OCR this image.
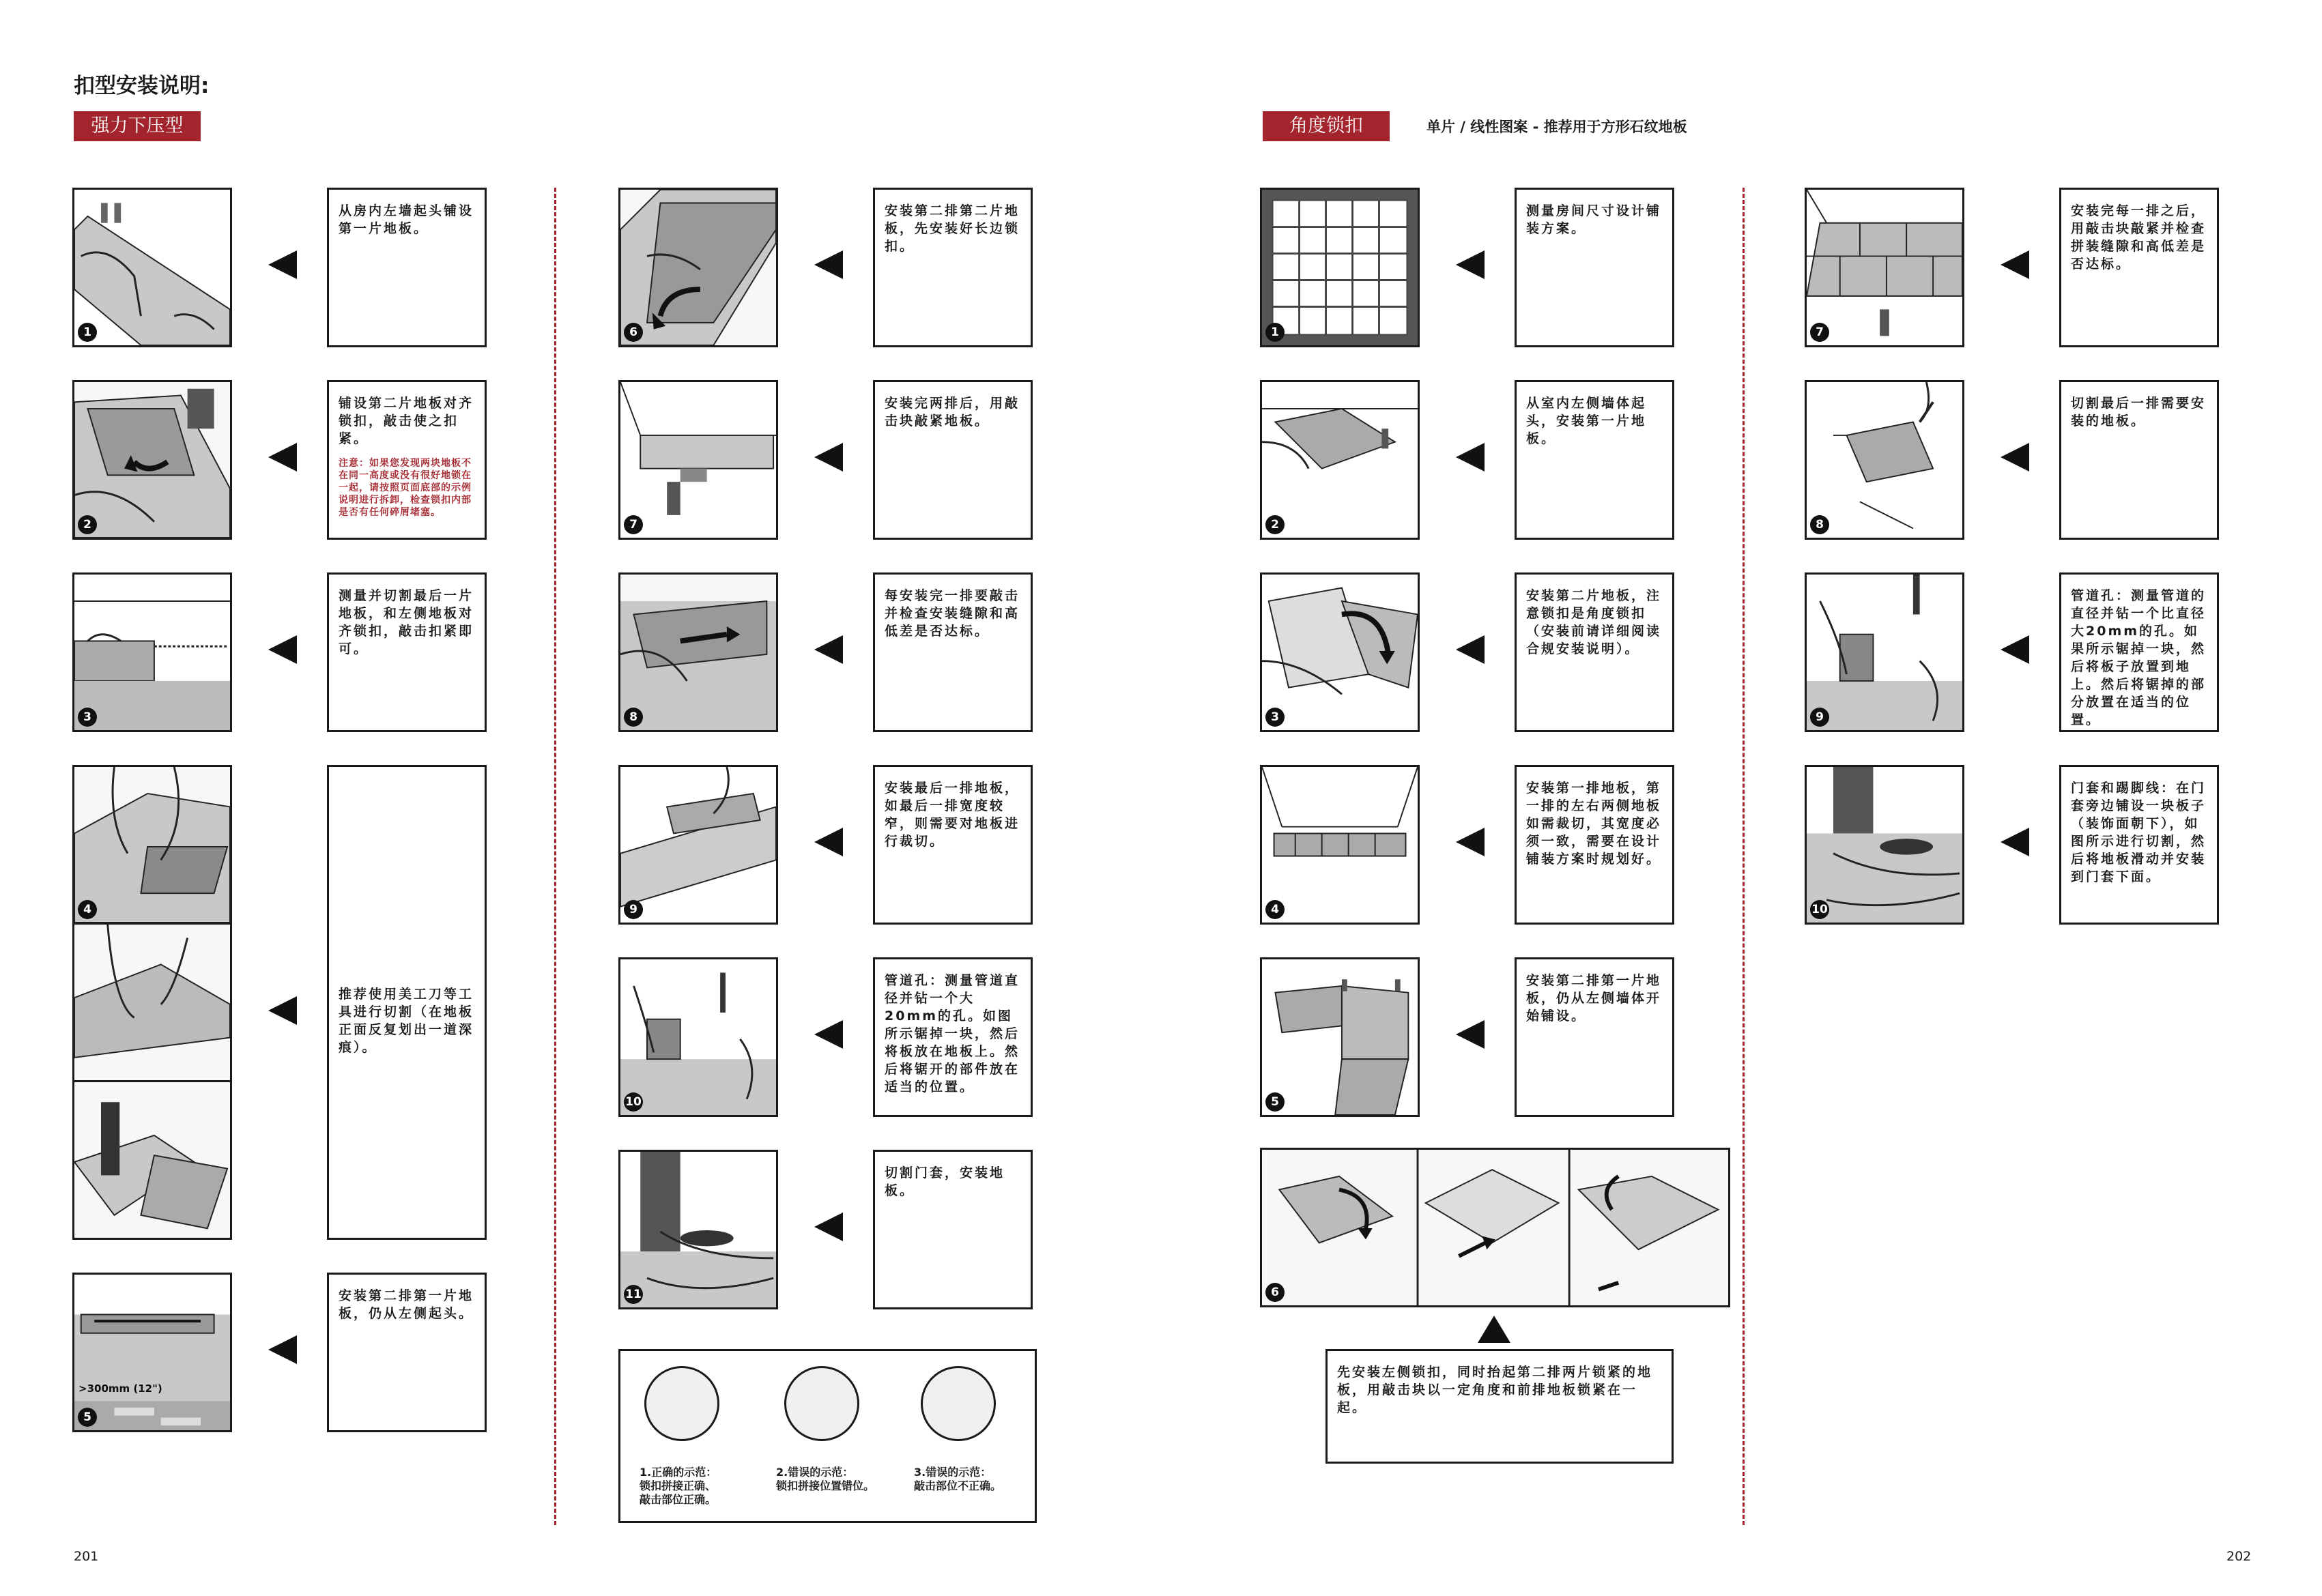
扣型安装说明:
强力下压型	角度锁扣	单片 / 线性图案 - 推荐用于方形石纹地板
1
从房内左墙起头铺设第一片地板。
2
铺设第二片地板对齐锁扣，敲击使之扣紧。
注意：如果您发现两块地板不在同一高度或没有很好地锁在一起，请按照页面底部的示例说明进行拆卸，检查锁扣内部是否有任何碎屑堵塞。
3
测量并切割最后一片地板，和左侧地板对齐锁扣，敲击扣紧即可。
4
推荐使用美工刀等工具进行切割（在地板正面反复划出一道深痕）。
>300mm (12")
5
安装第二排第一片地板，仍从左侧起头。
6
安装第二排第二片地板，先安装好长边锁扣。
7
安装完两排后，用敲击块敲紧地板。
8
每安装完一排要敲击并检查安装缝隙和高低差是否达标。
9
安装最后一排地板，如最后一排宽度较窄，则需要对地板进行裁切。
10
管道孔：测量管道直径并钻一个大20mm的孔。如图所示锯掉一块，然后将板放在地板上。然后将锯开的部件放在适当的位置。
11
切割门套，安装地板。
1.正确的示范：
锁扣拼接正确、
敲击部位正确。
2.错误的示范：
锁扣拼接位置错位。
3.错误的示范：
敲击部位不正确。
1
测量房间尺寸设计铺装方案。
2
从室内左侧墙体起头，安装第一片地板。
3
安装第二片地板，注意锁扣是角度锁扣（安装前请详细阅读合规安装说明）。
4
安装第一排地板，第一排的左右两侧地板如需裁切，其宽度必须一致，需要在设计铺装方案时规划好。
5
安装第二排第一片地板，仍从左侧墙体开始铺设。
6
先安装左侧锁扣，同时抬起第二排两片锁紧的地板，用敲击块以一定角度和前排地板锁紧在一起。
7
安装完每一排之后，用敲击块敲紧并检查拼装缝隙和高低差是否达标。
8
切割最后一排需要安装的地板。
9
管道孔：测量管道的直径并钻一个比直径大20mm的孔。如果所示锯掉一块，然后将板子放置到地上。然后将锯掉的部分放置在适当的位置。
10
门套和踢脚线：在门套旁边铺设一块板子（装饰面朝下），如图所示进行切割，然后将地板滑动并安装到门套下面。
201	202
